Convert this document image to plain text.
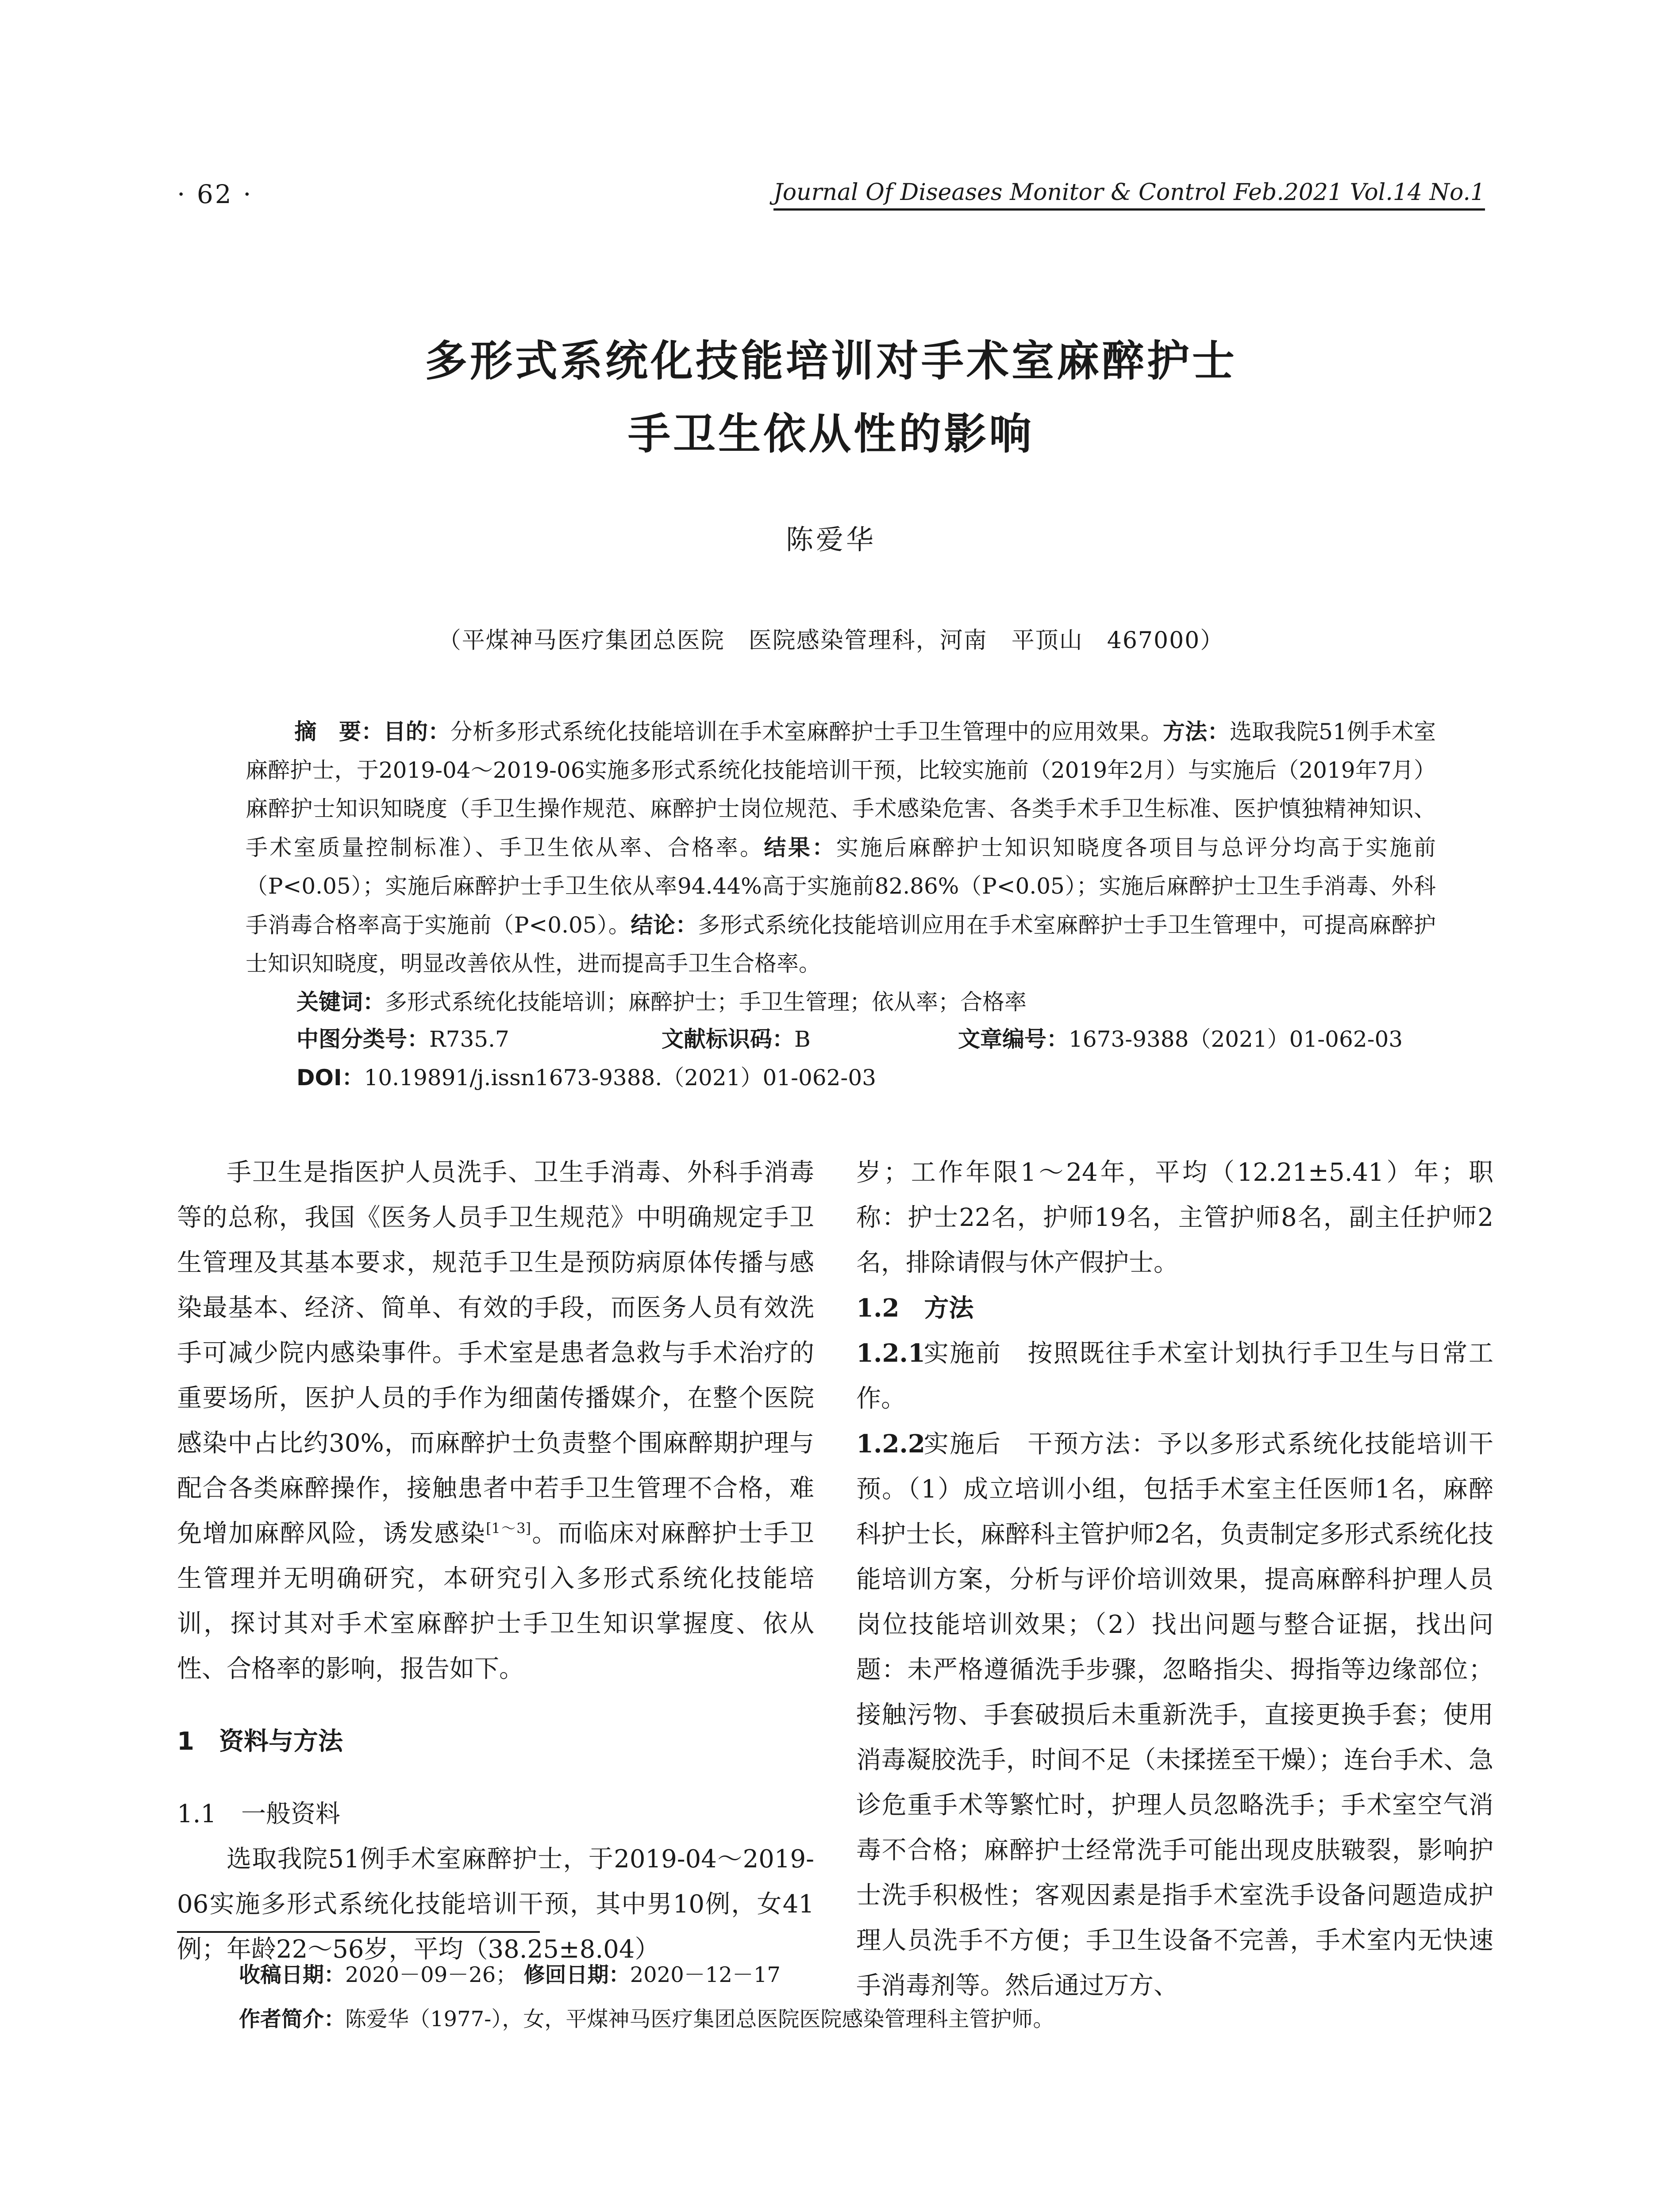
· 62 ·	Journal Of Diseases Monitor & Control Feb.2021 Vol.14 No.1
多形式系统化技能培训对手术室麻醉护士
手卫生依从性的影响
陈爱华
（平煤神马医疗集团总医院　医院感染管理科，河南　平顶山　467000）
摘　要：目的：分析多形式系统化技能培训在手术室麻醉护士手卫生管理中的应用效果。方法：选取我院51例手术室麻醉护士，于2019-04～2019-06实施多形式系统化技能培训干预，比较实施前（2019年2月）与实施后（2019年7月）麻醉护士知识知晓度（手卫生操作规范、麻醉护士岗位规范、手术感染危害、各类手术手卫生标准、医护慎独精神知识、手术室质量控制标准）、手卫生依从率、合格率。结果：实施后麻醉护士知识知晓度各项目与总评分均高于实施前（P<0.05）；实施后麻醉护士手卫生依从率94.44%高于实施前82.86%（P<0.05）；实施后麻醉护士卫生手消毒、外科手消毒合格率高于实施前（P<0.05）。结论：多形式系统化技能培训应用在手术室麻醉护士手卫生管理中，可提高麻醉护士知识知晓度，明显改善依从性，进而提高手卫生合格率。
关键词：多形式系统化技能培训；麻醉护士；手卫生管理；依从率；合格率
中图分类号：R735.7	文献标识码：B	文章编号：1673-9388（2021）01-062-03
DOI：10.19891/j.issn1673-9388.（2021）01-062-03

手卫生是指医护人员洗手、卫生手消毒、外科手消毒等的总称，我国《医务人员手卫生规范》中明确规定手卫生管理及其基本要求，规范手卫生是预防病原体传播与感染最基本、经济、简单、有效的手段，而医务人员有效洗手可减少院内感染事件。手术室是患者急救与手术治疗的重要场所，医护人员的手作为细菌传播媒介，在整个医院感染中占比约30%，而麻醉护士负责整个围麻醉期护理与配合各类麻醉操作，接触患者中若手卫生管理不合格，难免增加麻醉风险，诱发感染[1～3]。而临床对麻醉护士手卫生管理并无明确研究，本研究引入多形式系统化技能培训，探讨其对手术室麻醉护士手卫生知识掌握度、依从性、合格率的影响，报告如下。

1　资料与方法

1.1　一般资料

选取我院51例手术室麻醉护士，于2019-04～2019-06实施多形式系统化技能培训干预，其中男10例，女41例；年龄22～56岁，平均（38.25±8.04）

岁；工作年限1～24年，平均（12.21±5.41）年；职称：护士22名，护师19名，主管护师8名，副主任护师2名，排除请假与休产假护士。

1.2　方法

1.2.1实施前　 按照既往手术室计划执行手卫生与日常工作。

1.2.2实施后　 干预方法：予以多形式系统化技能培训干预。（1）成立培训小组，包括手术室主任医师1名，麻醉科护士长，麻醉科主管护师2名，负责制定多形式系统化技能培训方案，分析与评价培训效果，提高麻醉科护理人员岗位技能培训效果；（2）找出问题与整合证据，找出问题：未严格遵循洗手步骤，忽略指尖、拇指等边缘部位；接触污物、手套破损后未重新洗手，直接更换手套；使用消毒凝胶洗手，时间不足（未揉搓至干燥）；连台手术、急诊危重手术等繁忙时，护理人员忽略洗手；手术室空气消毒不合格；麻醉护士经常洗手可能出现皮肤皲裂，影响护士洗手积极性；客观因素是指手术室洗手设备问题造成护理人员洗手不方便；手卫生设备不完善，手术室内无快速手消毒剂等。然后通过万方、

收稿日期：2020－09－26； 修回日期：2020－12－17
作者简介：陈爱华（1977-），女，平煤神马医疗集团总医院医院感染管理科主管护师。
